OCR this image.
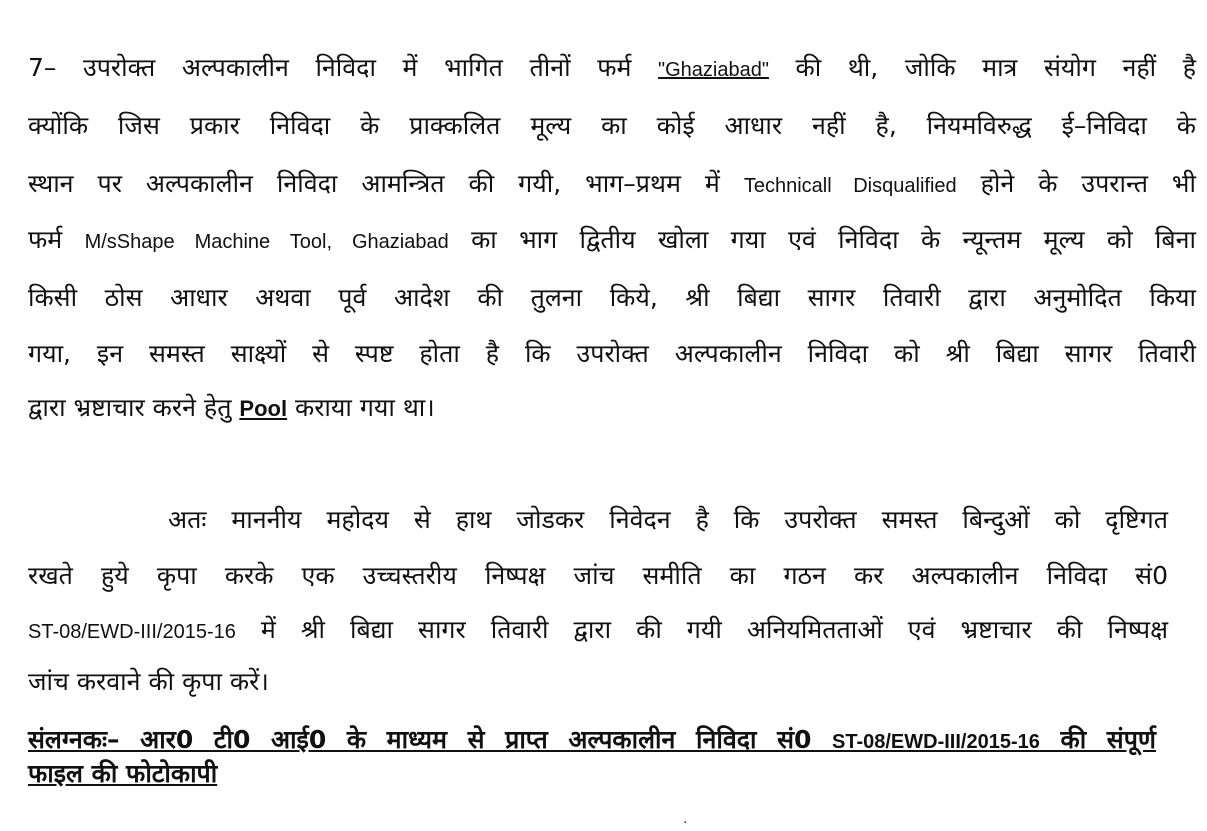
7– उपरोक्त अल्पकालीन निविदा में भागित तीनों फर्म "Ghaziabad" की थी, जोकि मात्र संयोग नहीं है
क्योंकि जिस प्रकार निविदा के प्राक्कलित मूल्य का कोई आधार नहीं है, नियमविरुद्ध ई–निविदा के
स्थान पर अल्पकालीन निविदा आमन्त्रित की गयी, भाग–प्रथम में Technicall Disqualified होने के उपरान्त भी
फर्म M/sShape Machine Tool, Ghaziabad का भाग द्वितीय खोला गया एवं निविदा के न्यून्तम मूल्य को बिना
किसी ठोस आधार अथवा पूर्व आदेश की तुलना किये, श्री बिद्या सागर तिवारी द्वारा अनुमोदित किया
गया, इन समस्त साक्ष्यों से स्पष्ट होता है कि उपरोक्त अल्पकालीन निविदा को श्री बिद्या सागर तिवारी
द्वारा भ्रष्टाचार करने हेतु Pool कराया गया था।
अतः माननीय महोदय से हाथ जोडकर निवेदन है कि उपरोक्त समस्त बिन्दुओं को दृष्टिगत
रखते हुये कृपा करके एक उच्चस्तरीय निष्पक्ष जांच समीति का गठन कर अल्पकालीन निविदा सं0
ST-08/EWD-III/2015-16 में श्री बिद्या सागर तिवारी द्वारा की गयी अनियमितताओं एवं भ्रष्टाचार की निष्पक्ष
जांच करवाने की कृपा करें।
संलग्नकः– आर0 टी0 आई0 के माध्यम से प्राप्त अल्पकालीन निविदा सं0 ST-08/EWD-III/2015-16 की संपूर्ण
फाइल की फोटोकापी
·
